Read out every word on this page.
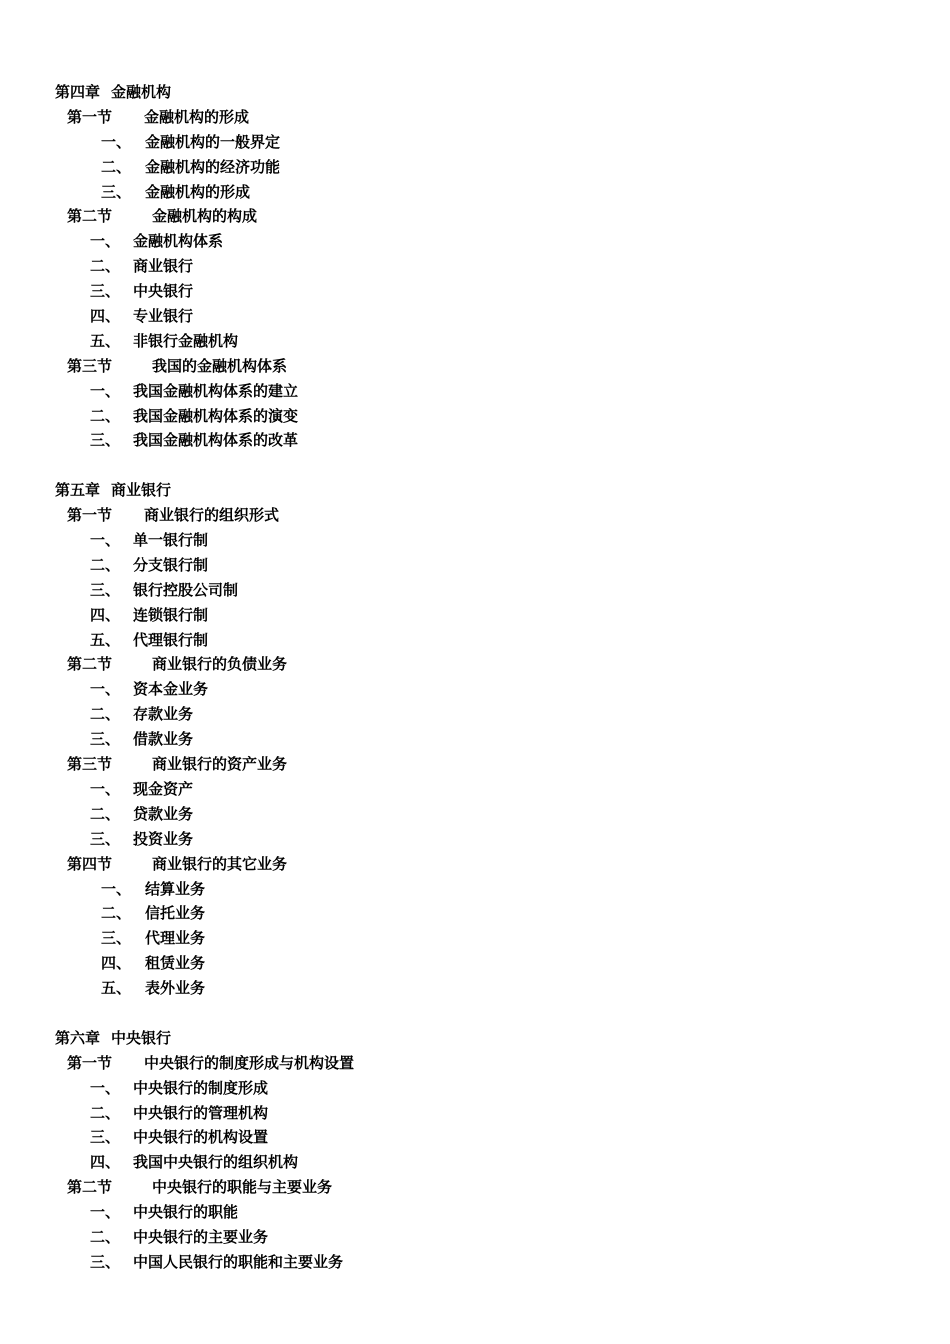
第四章 金融机构
第一节 金融机构的形成
一、 金融机构的一般界定
二、 金融机构的经济功能
三、 金融机构的形成
第二节	金融机构的构成
一、 金融机构体系
二、 商业银行
三、 中央银行
四、 专业银行
五、 非银行金融机构
第三节	我国的金融机构体系
一、 我国金融机构体系的建立
二、 我国金融机构体系的演变
三、 我国金融机构体系的改革
第五章 商业银行
第一节 商业银行的组织形式
一、 单一银行制
二、 分支银行制
三、 银行控股公司制
四、 连锁银行制
五、 代理银行制
第二节	商业银行的负债业务
一、 资本金业务
二、 存款业务
三、 借款业务
第三节	商业银行的资产业务
一、 现金资产
二、 贷款业务
三、 投资业务
第四节	商业银行的其它业务
一、 结算业务
二、 信托业务
三、 代理业务
四、 租赁业务
五、 表外业务
第六章 中央银行
第一节 中央银行的制度形成与机构设置
一、 中央银行的制度形成
二、 中央银行的管理机构
三、 中央银行的机构设置
四、 我国中央银行的组织机构
第二节	中央银行的职能与主要业务
一、 中央银行的职能
二、 中央银行的主要业务
三、 中国人民银行的职能和主要业务
